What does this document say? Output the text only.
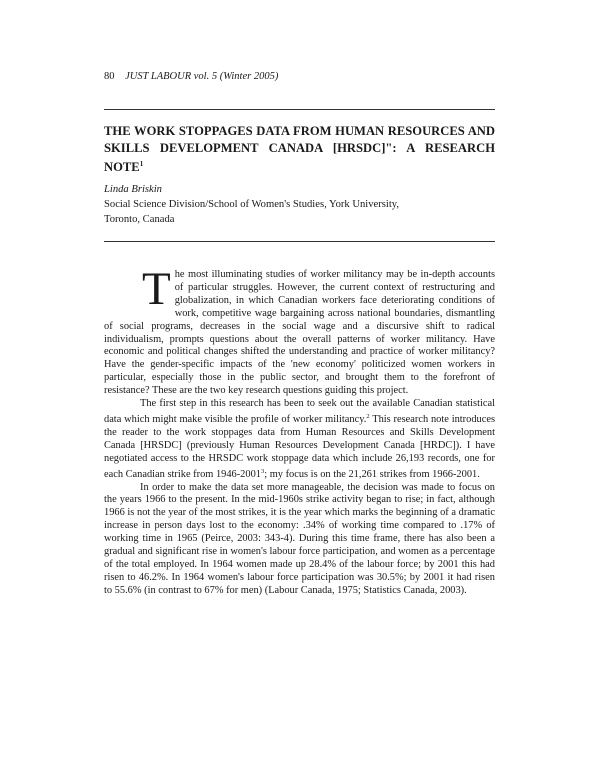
80 JUST LABOUR vol. 5 (Winter 2005)
THE WORK STOPPAGES DATA FROM HUMAN RESOURCES AND SKILLS DEVELOPMENT CANADA [HRSDC]": A RESEARCH NOTE$^1$
Linda Briskin
Social Science Division/School of Women's Studies, York University,
Toronto, Canada

The most illuminating studies of worker militancy may be in-depth accounts of particular struggles. However, the current context of restructuring and globalization, in which Canadian workers face deteriorating conditions of work, competitive wage bargaining across national boundaries, dismantling of social programs, decreases in the social wage and a discursive shift to radical individualism, prompts questions about the overall patterns of worker militancy. Have economic and political changes shifted the understanding and practice of worker militancy? Have the gender-specific impacts of the 'new economy' politicized women workers in particular, especially those in the public sector, and brought them to the forefront of resistance? These are the two key research questions guiding this project.

The first step in this research has been to seek out the available Canadian statistical data which might make visible the profile of worker militancy.$^2$ This research note introduces the reader to the work stoppages data from Human Resources and Skills Development Canada [HRSDC] (previously Human Resources Development Canada [HRDC]). I have negotiated access to the HRSDC work stoppage data which include 26,193 records, one for each Canadian strike from 1946-2001$^3$; my focus is on the 21,261 strikes from 1966-2001.

In order to make the data set more manageable, the decision was made to focus on the years 1966 to the present. In the mid-1960s strike activity began to rise; in fact, although 1966 is not the year of the most strikes, it is the year which marks the beginning of a dramatic increase in person days lost to the economy: .34% of working time compared to .17% of working time in 1965 (Peirce, 2003: 343-4). During this time frame, there has also been a gradual and significant rise in women's labour force participation, and women as a percentage of the total employed. In 1964 women made up 28.4% of the labour force; by 2001 this had risen to 46.2%. In 1964 women's labour force participation was 30.5%; by 2001 it had risen to 55.6% (in contrast to 67% for men) (Labour Canada, 1975; Statistics Canada, 2003).
